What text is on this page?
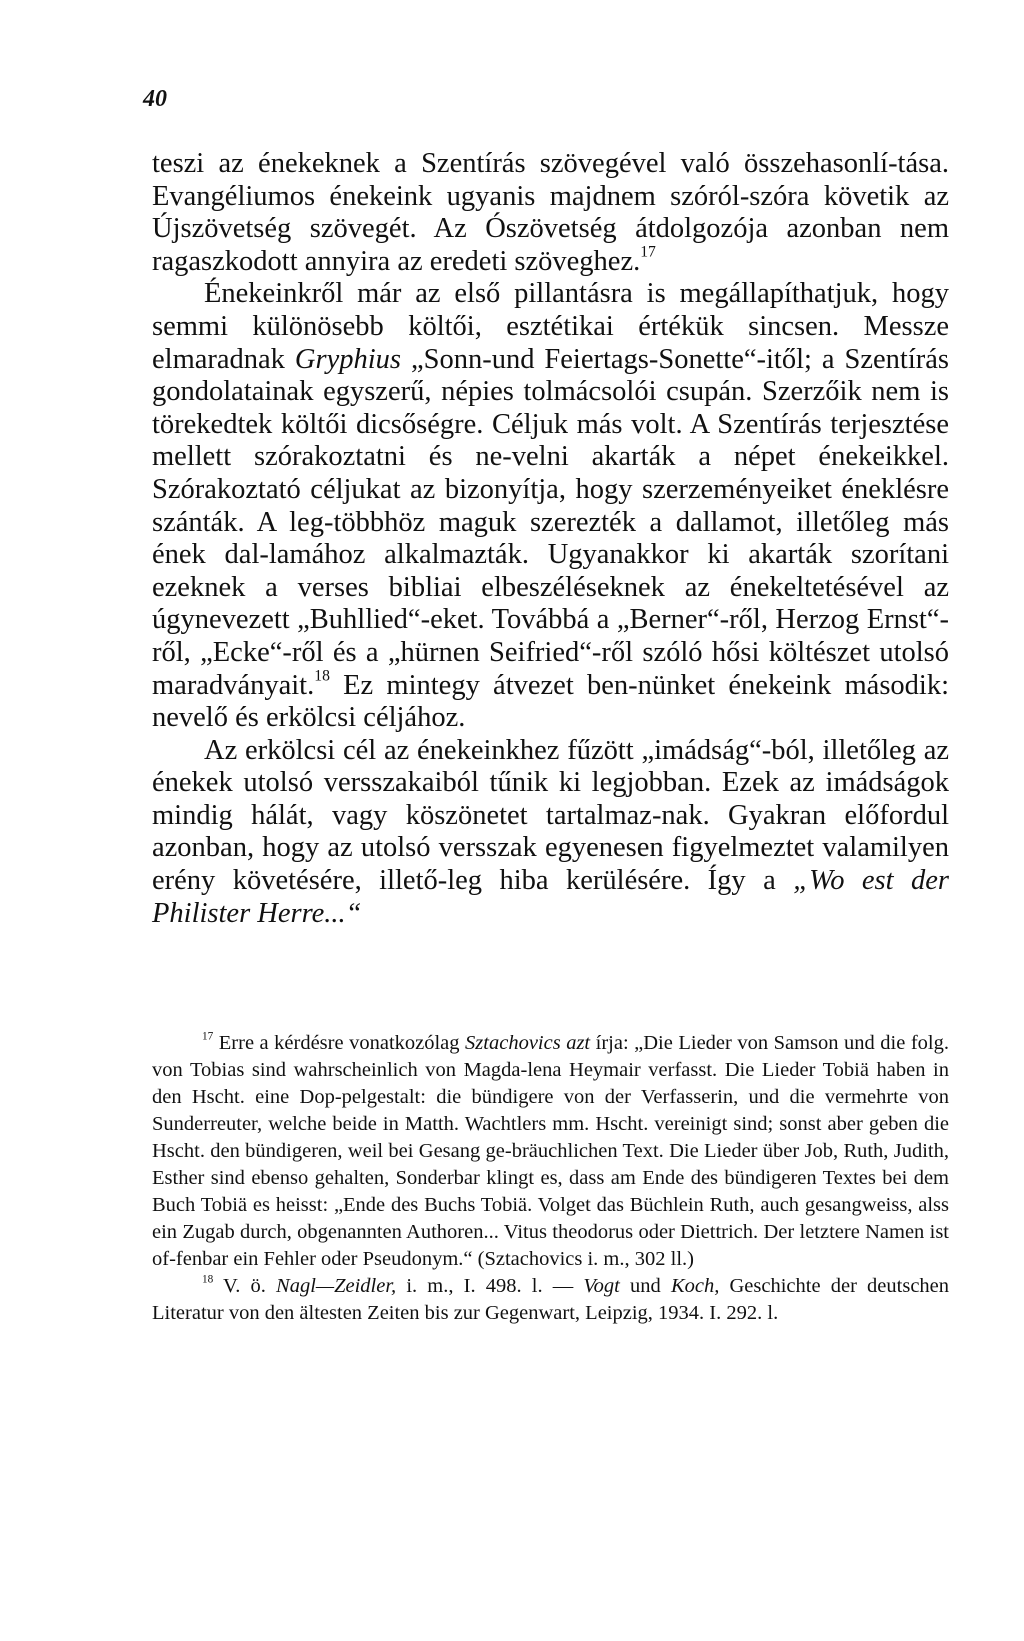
40

teszi az énekeknek a Szentírás szövegével való összehasonlí-tása. Evangéliumos énekeink ugyanis majdnem szóról-szóra követik az Újszövetség szövegét. Az Ószövetség átdolgozója azonban nem ragaszkodott annyira az eredeti szöveghez.$^{17}$

Énekeinkről már az első pillantásra is megállapíthatjuk, hogy semmi különösebb költői, esztétikai értékük sincsen. Messze elmaradnak Gryphius „Sonn-und Feiertags-Sonette“-itől; a Szentírás gondolatainak egyszerű, népies tolmácsolói csupán. Szerzőik nem is törekedtek költői dicsőségre. Céljuk más volt. A Szentírás terjesztése mellett szórakoztatni és ne-velni akarták a népet énekeikkel. Szórakoztató céljukat az bizonyítja, hogy szerzeményeiket éneklésre szánták. A leg-többhöz maguk szerezték a dallamot, illetőleg más ének dal-lamához alkalmazták. Ugyanakkor ki akarták szorítani ezeknek a verses bibliai elbeszéléseknek az énekeltetésével az úgynevezett „Buhllied“-eket. Továbbá a „Berner“-ről, Herzog Ernst“-ről, „Ecke“-ről és a „hürnen Seifried“-ről szóló hősi költészet utolsó maradványait.$^{18}$ Ez mintegy átvezet ben-nünket énekeink második: nevelő és erkölcsi céljához.

Az erkölcsi cél az énekeinkhez fűzött „imádság“-ból, illetőleg az énekek utolsó versszakaiból tűnik ki legjobban. Ezek az imádságok mindig hálát, vagy köszönetet tartalmaz-nak. Gyakran előfordul azonban, hogy az utolsó versszak egyenesen figyelmeztet valamilyen erény követésére, illető-leg hiba kerülésére. Így a „Wo est der Philister Herre...“

$^{17}$ Erre a kérdésre vonatkozólag Sztachovics azt írja: „Die Lieder von Samson und die folg. von Tobias sind wahrscheinlich von Magda-lena Heymair verfasst. Die Lieder Tobiä haben in den Hscht. eine Dop-pelgestalt: die bündigere von der Verfasserin, und die vermehrte von Sunderreuter, welche beide in Matth. Wachtlers mm. Hscht. vereinigt sind; sonst aber geben die Hscht. den bündigeren, weil bei Gesang ge-bräuchlichen Text. Die Lieder über Job, Ruth, Judith, Esther sind ebenso gehalten, Sonderbar klingt es, dass am Ende des bündigeren Textes bei dem Buch Tobiä es heisst: „Ende des Buchs Tobiä. Volget das Büchlein Ruth, auch gesangweiss, alss ein Zugab durch, obgenannten Authoren... Vitus theodorus oder Diettrich. Der letztere Namen ist of-fenbar ein Fehler oder Pseudonym.“ (Sztachovics i. m., 302 ll.)

$^{18}$ V. ö. Nagl—Zeidler, i. m., I. 498. l. — Vogt und Koch, Geschichte der deutschen Literatur von den ältesten Zeiten bis zur Gegenwart, Leipzig, 1934. I. 292. l.
